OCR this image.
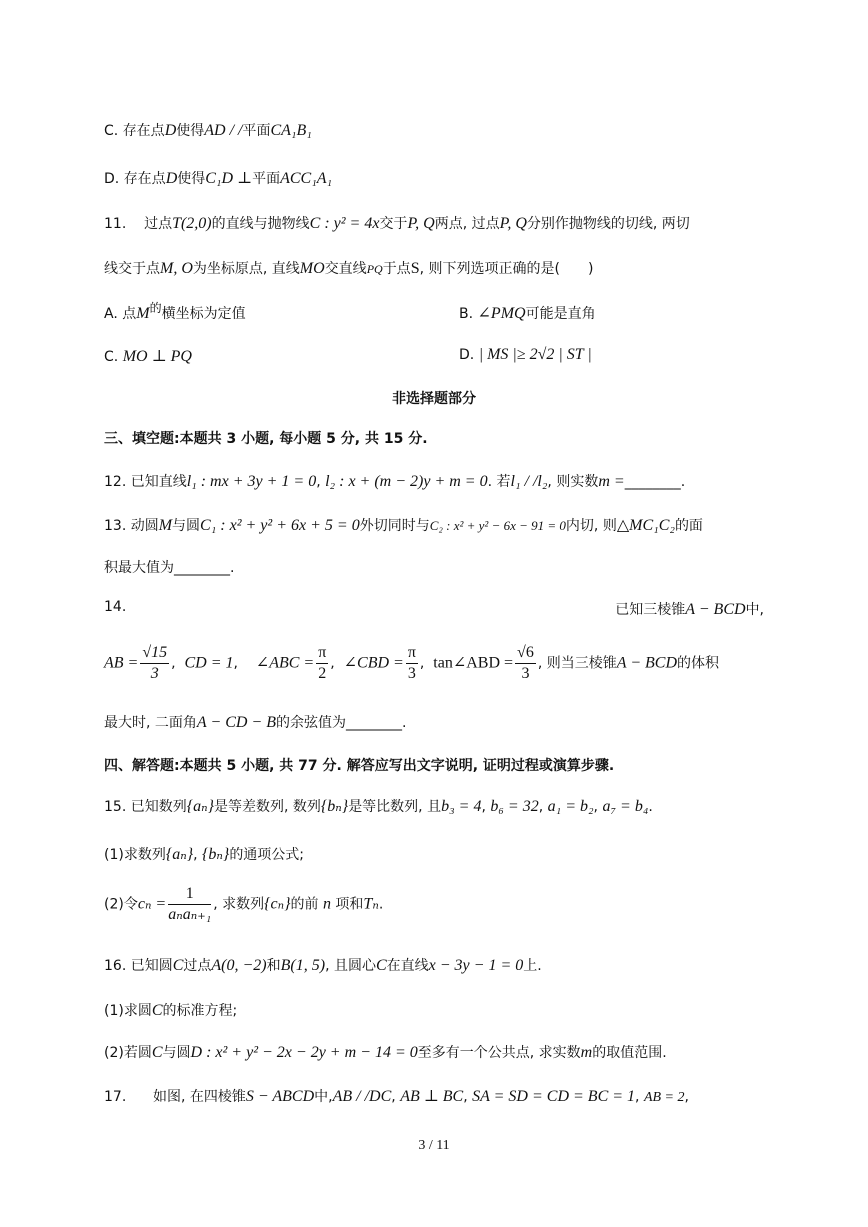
C. 存在点D使得AD / /平面CA₁B₁
D. 存在点D使得C₁D ⊥平面ACC₁A₁
11. 过点T(2,0)的直线与抛物线C : y² = 4x交于P, Q两点, 过点P, Q分别作抛物线的切线, 两切
线交于点M, O为坐标原点, 直线MO交直线PQ于点S, 则下列选项正确的是(　　)
A. 点M的横坐标为定值	B. ∠PMQ可能是直角
C. MO ⊥ PQ	D. | MS |≥ 2√2 | ST |
非选择题部分
三、填空题:本题共 3 小题, 每小题 5 分, 共 15 分.
12. 已知直线l₁ : mx + 3y + 1 = 0, l₂ : x + (m − 2)y + m = 0. 若l₁ / /l₂, 则实数m =________.
13. 动圆M与圆C₁ : x² + y² + 6x + 5 = 0外切同时与C₂ : x² + y² − 6x − 91 = 0内切, 则△MC₁C₂的面
积最大值为________.
14.	已知三棱锥A − BCD中,
AB = $\frac{√15}{3}$ ,  CD = 1,    ∠ABC = $\frac{\pi}{2}$ ,  ∠CBD = $\frac{\pi}{3}$ ,  tan∠ABD = $\frac{√6}{3}$ , 则当三棱锥A − BCD的体积
最大时, 二面角A − CD − B的余弦值为________.
四、解答题:本题共 5 小题, 共 77 分. 解答应写出文字说明, 证明过程或演算步骤.
15. 已知数列{aₙ}是等差数列, 数列{bₙ}是等比数列, 且b₃ = 4, b₆ = 32, a₁ = b₂, a₇ = b₄.
(1)求数列{aₙ}, {bₙ}的通项公式;
(2)令$c_n = \frac{1}{\text{aₙaₙ₊₁}}$ , 求数列{cₙ}的前 n 项和Tₙ.
16. 已知圆C过点A(0, −2)和B(1, 5), 且圆心C在直线x − 3y − 1 = 0上.
(1)求圆C的标准方程;
(2)若圆C与圆D : x² + y² − 2x − 2y + m − 14 = 0至多有一个公共点, 求实数m的取值范围.
17. 如图, 在四棱锥S − ABCD中,AB / /DC, AB ⊥ BC, SA = SD = CD = BC = 1, AB = 2,
3 / 11
